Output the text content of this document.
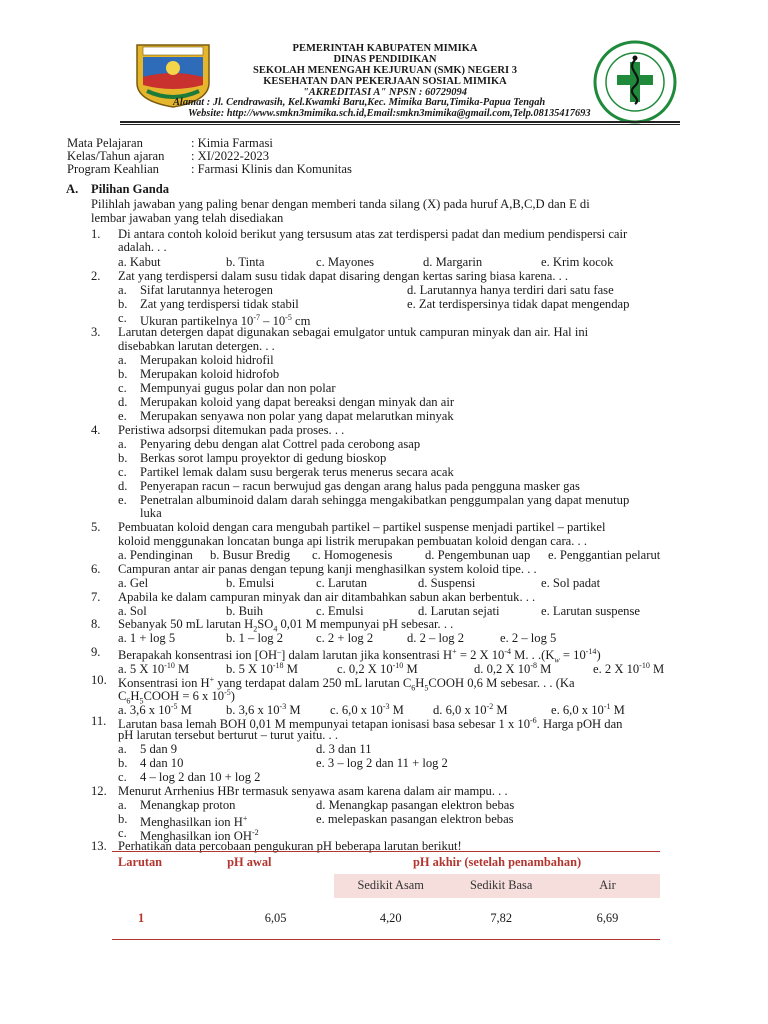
PEMERINTAH KABUPATEN MIMIKA
DINAS PENDIDIKAN
SEKOLAH MENENGAH KEJURUAN (SMK) NEGERI 3
KESEHATAN DAN PEKERJAAN SOSIAL MIMIKA
"AKREDITASI A" NPSN : 60729094
Alamat : Jl. Cendrawasih, Kel.Kwamki Baru,Kec. Mimika Baru,Timika-Papua Tengah
Website: http://www.smkn3mimika.sch.id,Email:smkn3mimika@gmail.com,Telp.08135417693
Mata Pelajaran	: Kimia Farmasi
Kelas/Tahun ajaran : XI/2022-2023
Program Keahlian	: Farmasi Klinis dan Komunitas
A. Pilihan Ganda
Pilihlah jawaban yang paling benar dengan memberi tanda silang (X) pada huruf A,B,C,D dan E di
lembar jawaban yang telah disediakan
1. Di antara contoh koloid berikut yang tersusum atas zat terdispersi padat dan medium pendispersi cair
adalah. . .
a. Kabut	b. Tinta	c. Mayones	d. Margarin	e. Krim kocok
2. Zat yang terdispersi dalam susu tidak dapat disaring dengan kertas saring biasa karena. . .
a. Sifat larutannya heterogen	d. Larutannya hanya terdiri dari satu fase
b. Zat yang terdispersi tidak stabil	e. Zat terdispersinya tidak dapat mengendap
c. Ukuran partikelnya $10^{-7} - 10^{-5}$ cm
3. Larutan detergen dapat digunakan sebagai emulgator untuk campuran minyak dan air. Hal ini
disebabkan larutan detergen. . .
a. Merupakan koloid hidrofil
b. Merupakan koloid hidrofob
c. Mempunyai gugus polar dan non polar
d. Merupakan koloid yang dapat bereaksi dengan minyak dan air
e. Merupakan senyawa non polar yang dapat melarutkan minyak
4. Peristiwa adsorpsi ditemukan pada proses. . .
a. Penyaring debu dengan alat Cottrel pada cerobong asap
b. Berkas sorot lampu proyektor di gedung bioskop
c. Partikel lemak dalam susu bergerak terus menerus secara acak
d. Penyerapan racun – racun berwujud gas dengan arang halus pada pengguna masker gas
e. Penetralan albuminoid dalam darah sehingga mengakibatkan penggumpalan yang dapat menutup
luka
5. Pembuatan koloid dengan cara mengubah partikel – partikel suspense menjadi partikel – partikel
koloid menggunakan loncatan bunga api listrik merupakan pembuatan koloid dengan cara. . .
a. Pendinginan b. Busur Bredig c. Homogenesis	d. Pengembunan uap e. Penggantian pelarut
6. Campuran antar air panas dengan tepung kanji menghasilkan system koloid tipe. . .
a. Gel	b. Emulsi	c. Larutan	d. Suspensi	e. Sol padat
7. Apabila ke dalam campuran minyak dan air ditambahkan sabun akan berbentuk. . .
a. Sol	b. Buih	c. Emulsi	d. Larutan sejati	e. Larutan suspense
8. Sebanyak 50 mL larutan $H_2SO_4$ 0,01 M mempunyai pH sebesar. . .
a. 1 + log 5	b. 1 – log 2	c. 2 + log 2	d. 2 – log 2	e. 2 – log 5
9. Berapakah konsentrasi ion [OH–] dalam larutan jika konsentrasi H+ = 2 X $10^{-4}$ M. . $.(K_w = 10^{-14})$
a. 5 X $10^{-10}$ M	b. 5 X $10^{-18}$ M	c. 0,2 X $10^{-10}$ M	d. 0,2 X $10^{-8}$ M	e. 2 X $10^{-10}$ M
10. Konsentrasi ion H+ yang terdapat dalam 250 mL larutan $C_6H_5COOH$ 0,6 M sebesar. . . (Ka
$C_6H_5COOH = 6$ x $10^{-5}$)
a. 3,6 x $10^{-5}$ M	b. 3,6 x $10^{-3}$ M c. 6,0 x $10^{-3}$ M d. 6,0 x $10^{-2}$ M	e. 6,0 x $10^{-1}$ M
11. Larutan basa lemah BOH 0,01 M mempunyai tetapan ionisasi basa sebesar 1 x $10^{-6}$. Harga pOH dan
pH larutan tersebut berturut – turut yaitu. . .
a. 5 dan 9	d. 3 dan 11
b. 4 dan 10	e. 3 – log 2 dan 11 + log 2
c. 4 – log 2 dan 10 + log 2
12. Menurut Arrhenius HBr termasuk senyawa asam karena dalam air mampu. . .
a. Menangkap proton	d. Menangkap pasangan elektron bebas
b. Menghasilkan ion H+	e. melepaskan pasangan elektron bebas
c. Menghasilkan ion $OH^{-2}$
13. Perhatikan data percobaan pengukuran pH beberapa larutan berikut!
Larutan	pH awal	pH akhir (setelah penambahan)		
		Sedikit Asam	Sedikit Basa	Air
1	6,05	4,20	7,82	6,69
